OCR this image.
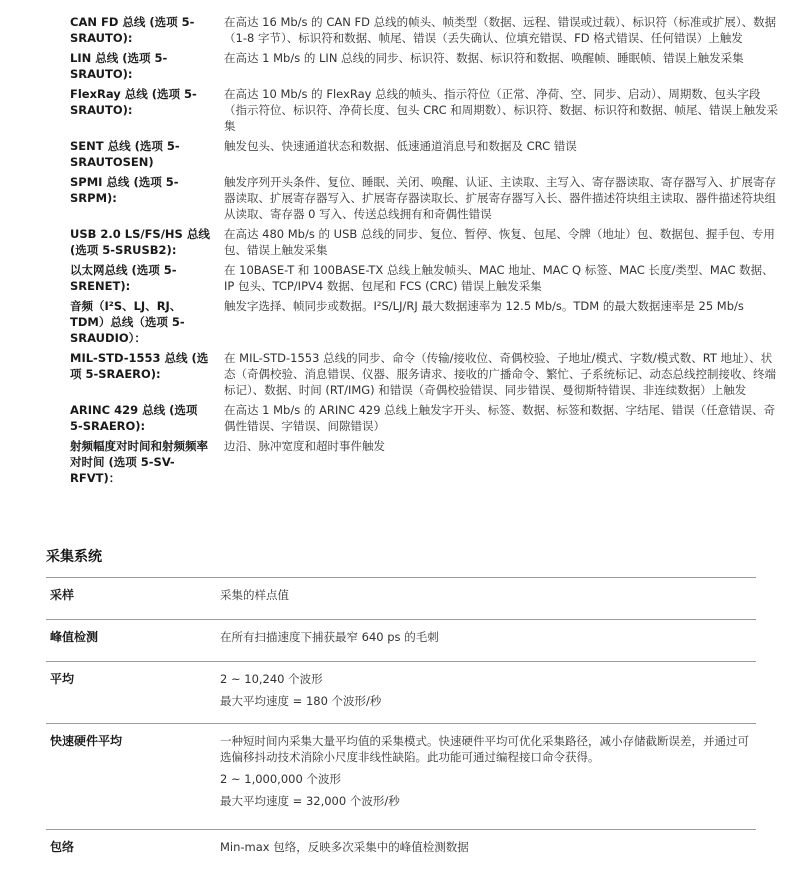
CAN FD 总线 (选项 5-SRAUTO):
在高达 16 Mb/s 的 CAN FD 总线的帧头、帧类型（数据、远程、错误或过载）、标识符（标准或扩展）、数据（1-8 字节）、标识符和数据、帧尾、错误（丢失确认、位填充错误、FD 格式错误、任何错误）上触发
LIN 总线 (选项 5-SRAUTO):
在高达 1 Mb/s 的 LIN 总线的同步、标识符、数据、标识符和数据、唤醒帧、睡眠帧、错误上触发采集
FlexRay 总线 (选项 5-SRAUTO):
在高达 10 Mb/s 的 FlexRay 总线的帧头、指示符位（正常、净荷、空、同步、启动）、周期数、包头字段（指示符位、标识符、净荷长度、包头 CRC 和周期数）、标识符、数据、标识符和数据、帧尾、错误上触发采集
SENT 总线 (选项 5-SRAUTOSEN)
触发包头、快速通道状态和数据、低速通道消息号和数据及 CRC 错误
SPMI 总线 (选项 5-SRPM):
触发序列开头条件、复位、睡眠、关闭、唤醒、认证、主读取、主写入、寄存器读取、寄存器写入、扩展寄存器读取、扩展寄存器写入、扩展寄存器读取长、扩展寄存器写入长、器件描述符块组主读取、器件描述符块组从读取、寄存器 0 写入、传送总线拥有和奇偶性错误
USB 2.0 LS/FS/HS 总线 (选项 5-SRUSB2):
在高达 480 Mb/s 的 USB 总线的同步、复位、暂停、恢复、包尾、令牌（地址）包、数据包、握手包、专用包、错误上触发采集
以太网总线 (选项 5-SRENET):
在 10BASE-T 和 100BASE-TX 总线上触发帧头、MAC 地址、MAC Q 标签、MAC 长度/类型、MAC 数据、IP 包头、TCP/IPV4 数据、包尾和 FCS (CRC) 错误上触发采集
音频（I²S、LJ、RJ、TDM）总线（选项 5-SRAUDIO）：
触发字选择、帧同步或数据。I²S/LJ/RJ 最大数据速率为 12.5 Mb/s。TDM 的最大数据速率是 25 Mb/s
MIL-STD-1553 总线 (选项 5-SRAERO):
在 MIL-STD-1553 总线的同步、命令（传输/接收位、奇偶校验、子地址/模式、字数/模式数、RT 地址）、状态（奇偶校验、消息错误、仪器、服务请求、接收的广播命令、繁忙、子系统标记、动态总线控制接收、终端标记）、数据、时间 (RT/IMG) 和错误（奇偶校验错误、同步错误、曼彻斯特错误、非连续数据）上触发
ARINC 429 总线 (选项 5-SRAERO):
在高达 1 Mb/s 的 ARINC 429 总线上触发字开头、标签、数据、标签和数据、字结尾、错误（任意错误、奇偶性错误、字错误、间隙错误）
射频幅度对时间和射频频率对时间 (选项 5-SV-RFVT)：
边沿、脉冲宽度和超时事件触发
采集系统
采样	采集的样点值

峰值检测	在所有扫描速度下捕获最窄 640 ps 的毛刺

平均	2 ~ 10,240 个波形

最大平均速度 = 180 个波形/秒

快速硬件平均	一种短时间内采集大量平均值的采集模式。快速硬件平均可优化采集路径，减小存储截断误差，并通过可选偏移抖动技术消除小尺度非线性缺陷。此功能可通过编程接口命令获得。

2 ~ 1,000,000 个波形

最大平均速度 = 32,000 个波形/秒

包络	Min-max 包络，反映多次采集中的峰值检测数据
